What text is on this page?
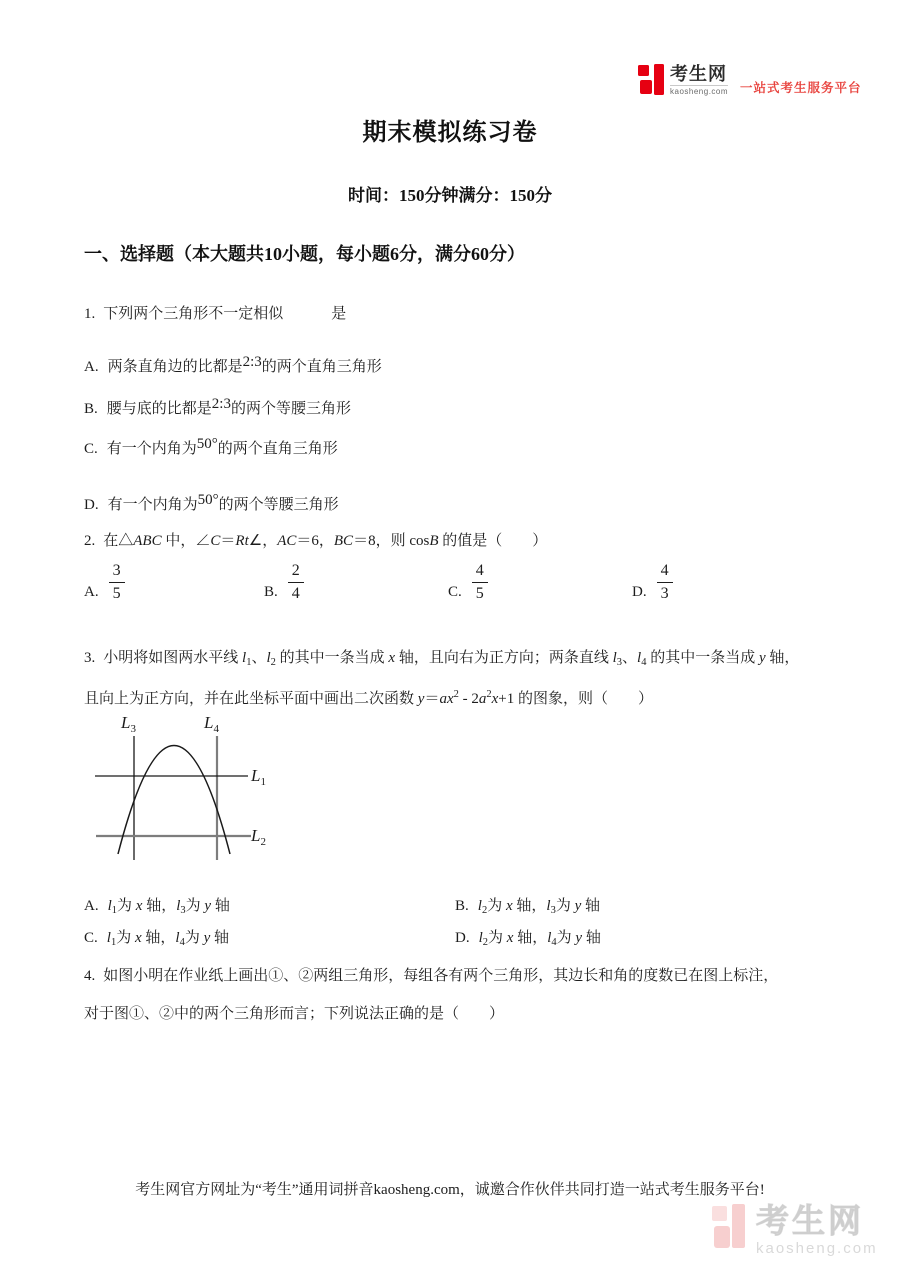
考生网
kaosheng.com 一站式考生服务平台
期末模拟练习卷
时间：150分钟满分：150分
一、选择题（本大题共10小题，每小题6分，满分60分）
1. 下列两个三角形不一定相似	是
A. 两条直角边的比都是2:3的两个直角三角形
B. 腰与底的比都是2:3的两个等腰三角形
C. 有一个内角为50°的两个直角三角形
D. 有一个内角为50°的两个等腰三角形
2. 在△ABC 中，∠C＝Rt∠，AC＝6，BC＝8，则 cosB 的值是（　　）
A. $\frac{3}{5}$	B. $\frac{2}{4}$	C. $\frac{4}{5}$	D. $\frac{4}{3}$
3. 小明将如图两水平线 $l_1$、$l_2$ 的其中一条当成 x 轴，且向右为正方向；两条直线 $l_3$、$l_4$ 的其中一条当成 y 轴，
且向上为正方向，并在此坐标平面中画出二次函数 $y=ax^2 - 2a^2x+1$ 的图象，则（　　）
$L_3$	$L_4$
$L_1$
$L_2$
A. $l_1$为 x 轴，$l_3$为 y 轴	B. $l_2$为 x 轴，$l_3$为 y 轴
C. $l_1$为 x 轴，$l_4$为 y 轴	D. $l_2$为 x 轴，$l_4$为 y 轴
4. 如图小明在作业纸上画出①、②两组三角形，每组各有两个三角形，其边长和角的度数已在图上标注，
对于图①、②中的两个三角形而言；下列说法正确的是（　　）
考生网官方网址为“考生”通用词拼音kaosheng.com，诚邀合作伙伴共同打造一站式考生服务平台!
考生网
kaosheng.com
